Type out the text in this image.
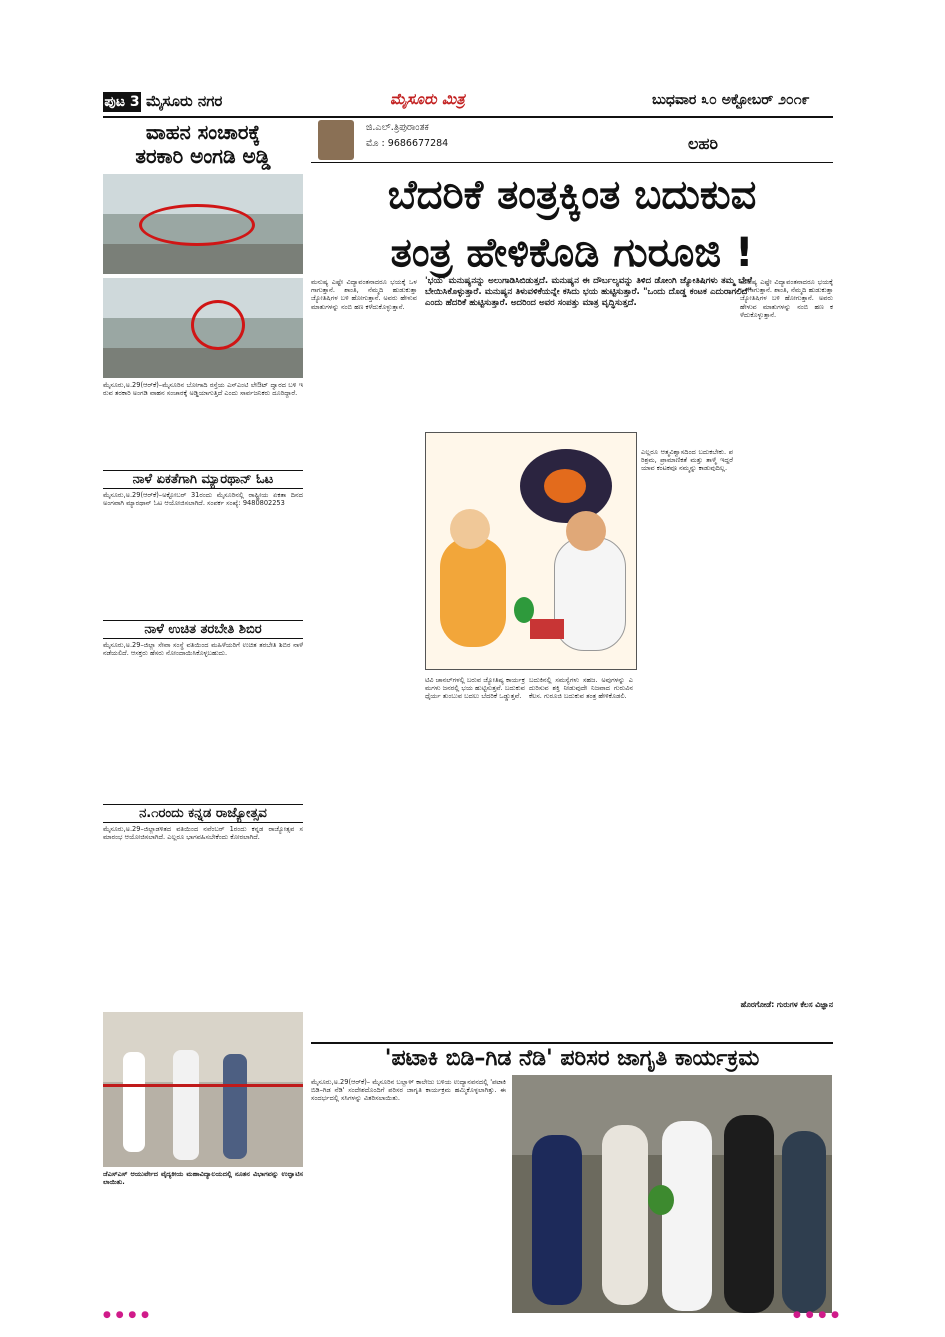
ಪುಟ 3 ಮೈಸೂರು ನಗರ	ಮೈಸೂರು ಮಿತ್ರ	ಬುಧವಾರ ೩೦ ಅಕ್ಟೋಬರ್ ೨೦೧೯
ವಾಹನ ಸಂಚಾರಕ್ಕೆ
ತರಕಾರಿ ಅಂಗಡಿ ಅಡ್ಡಿ
ಮೈಸೂರು,ಅ.29(ಆರ್‌ಕೆ)–ಮೈಸೂರಿನ ಬೋಗಾದಿ ರಸ್ತೆಯ ಎಸ್‌ಎಂಟಿ ಲೇಔಟ್ ದ್ವಾರದ ಬಳಿ ಇರುವ ತರಕಾರಿ ಅಂಗಡಿ ವಾಹನ ಸಂಚಾರಕ್ಕೆ ಅಡ್ಡಿಯಾಗುತ್ತಿದೆ ಎಂದು ಸಾರ್ವಜನಿಕರು ದೂರಿದ್ದಾರೆ.
ನಾಳೆ ಏಕತೆಗಾಗಿ ಮ್ಯಾರಥಾನ್ ಓಟ
ಮೈಸೂರು,ಅ.29(ಆರ್‌ಕೆ)–ಅಕ್ಟೋಬರ್ 31ರಂದು ಮೈಸೂರಿನಲ್ಲಿ ರಾಷ್ಟ್ರೀಯ ಏಕತಾ ದಿನದ ಅಂಗವಾಗಿ ಮ್ಯಾರಥಾನ್ ಓಟ ಆಯೋಜಿಸಲಾಗಿದೆ. ಸಂಪರ್ಕ ಸಂಖ್ಯೆ: 9480802253
ನಾಳೆ ಉಚಿತ ತರಬೇತಿ ಶಿಬಿರ
ಮೈಸೂರು,ಅ.29–ಜಿಲ್ಲಾ ಸೇವಾ ಸಂಸ್ಥೆ ವತಿಯಿಂದ ಮಹಿಳೆಯರಿಗೆ ಉಚಿತ ತರಬೇತಿ ಶಿಬಿರ ನಾಳೆ ನಡೆಯಲಿದೆ. ಆಸಕ್ತರು ಹೆಸರು ನೋಂದಾಯಿಸಿಕೊಳ್ಳಬಹುದು.
ನ.೧ರಂದು ಕನ್ನಡ ರಾಜ್ಯೋತ್ಸವ
ಮೈಸೂರು,ಅ.29–ಜಿಲ್ಲಾಡಳಿತದ ವತಿಯಿಂದ ನವೆಂಬರ್ 1ರಂದು ಕನ್ನಡ ರಾಜ್ಯೋತ್ಸವ ಸಮಾರಂಭ ಆಯೋಜಿಸಲಾಗಿದೆ. ಎಲ್ಲರೂ ಭಾಗವಹಿಸಬೇಕೆಂದು ಕೋರಲಾಗಿದೆ.
ಜೆಎಸ್‌ಎಸ್ ಆಯುರ್ವೇದ ವೈದ್ಯಕೀಯ ಮಹಾವಿದ್ಯಾಲಯದಲ್ಲಿ ನೂತನ ವಿಭಾಗವನ್ನು ಉದ್ಘಾಟಿಸಲಾಯಿತು.
ಜಿ.ಎಲ್.ತ್ರಿಪುರಾಂತಕ
ಮೊ : 9686677284	ಲಹರಿ
ಬೆದರಿಕೆ ತಂತ್ರಕ್ಕಿಂತ ಬದುಕುವ
ತಂತ್ರ ಹೇಳಿಕೊಡಿ ಗುರೂಜಿ !
ಮನುಷ್ಯ ಎಷ್ಟೇ ವಿದ್ಯಾವಂತನಾದರೂ ಭಯಕ್ಕೆ ಒಳಗಾಗುತ್ತಾನೆ. ಶಾಂತಿ, ನೆಮ್ಮದಿ ಹುಡುಕುತ್ತಾ ಜ್ಯೋತಿಷಿಗಳ ಬಳಿ ಹೋಗುತ್ತಾನೆ. ಅವರು ಹೇಳುವ ಮಾತುಗಳನ್ನು ನಂಬಿ ಹಣ ಕಳೆದುಕೊಳ್ಳುತ್ತಾನೆ.
'ಭಯ' ಮನುಷ್ಯನನ್ನು ಅಲುಗಾಡಿಸಿಬಿಡುತ್ತದೆ. ಮನುಷ್ಯನ ಈ ದೌರ್ಬಲ್ಯವನ್ನು ತಿಳಿದ ಡೋಂಗಿ ಜ್ಯೋತಿಷಿಗಳು ತಮ್ಮ ಬೇಳೆ ಬೇಯಿಸಿಕೊಳ್ಳುತ್ತಾರೆ. ಮನುಷ್ಯನ ತಿಳುವಳಿಕೆಯನ್ನೇ ಕಸಿದು ಭಯ ಹುಟ್ಟಿಸುತ್ತಾರೆ. "ಒಂದು ದೊಡ್ಡ ಕಂಟಕ ಎದುರಾಗಲಿದೆ" ಎಂದು ಹೆದರಿಕೆ ಹುಟ್ಟಿಸುತ್ತಾರೆ. ಅದರಿಂದ ಅವರ ಸಂಪತ್ತು ಮಾತ್ರ ವೃದ್ಧಿಸುತ್ತದೆ.
ಟಿವಿ ಚಾನಲ್‌ಗಳಲ್ಲಿ ಬರುವ ಜ್ಯೋತಿಷ್ಯ ಕಾರ್ಯಕ್ರಮಗಳು ಜನರಲ್ಲಿ ಭಯ ಹುಟ್ಟಿಸುತ್ತವೆ. ಬದುಕುವ ಧೈರ್ಯ ತುಂಬುವ ಬದಲು ಬೆದರಿಕೆ ಒಡ್ಡುತ್ತವೆ.
ಬದುಕಿನಲ್ಲಿ ಸಮಸ್ಯೆಗಳು ಸಹಜ. ಅವುಗಳನ್ನು ಎದುರಿಸುವ ಶಕ್ತಿ ನೀಡುವುದೇ ನಿಜವಾದ ಗುರುವಿನ ಕೆಲಸ. ಗುರೂಜಿ ಬದುಕುವ ತಂತ್ರ ಹೇಳಿಕೊಡಲಿ.
ಎಲ್ಲರೂ ಆತ್ಮವಿಶ್ವಾಸದಿಂದ ಬದುಕಬೇಕು. ಪರಿಶ್ರಮ, ಪ್ರಾಮಾಣಿಕತೆ ಮತ್ತು ತಾಳ್ಮೆ ಇದ್ದರೆ ಯಾವ ಕಂಟಕವೂ ನಮ್ಮನ್ನು ಕಾಡುವುದಿಲ್ಲ.
ಮನುಷ್ಯ ಎಷ್ಟೇ ವಿದ್ಯಾವಂತನಾದರೂ ಭಯಕ್ಕೆ ಒಳಗಾಗುತ್ತಾನೆ. ಶಾಂತಿ, ನೆಮ್ಮದಿ ಹುಡುಕುತ್ತಾ ಜ್ಯೋತಿಷಿಗಳ ಬಳಿ ಹೋಗುತ್ತಾನೆ. ಅವರು ಹೇಳುವ ಮಾತುಗಳನ್ನು ನಂಬಿ ಹಣ ಕಳೆದುಕೊಳ್ಳುತ್ತಾನೆ.
ಹೊರಗೋಡೆ: ಗುರುಗಳ ಕೆಲಸ ವಿಜ್ಞಾನ
'ಪಟಾಕಿ ಬಿಡಿ–ಗಿಡ ನೆಡಿ' ಪರಿಸರ ಜಾಗೃತಿ ಕಾರ್ಯಕ್ರಮ
ಮೈಸೂರು,ಅ.29(ಆರ್‌ಕೆ)– ಮೈಸೂರಿನ ಬಲ್ಲಾಳ್ ಕಾಲೇಜು ಬಳಿಯ ಉದ್ಯಾನವನದಲ್ಲಿ 'ಪಟಾಕಿ ಬಿಡಿ–ಗಿಡ ನೆಡಿ' ಸಂದೇಶದೊಂದಿಗೆ ಪರಿಸರ ಜಾಗೃತಿ ಕಾರ್ಯಕ್ರಮ ಹಮ್ಮಿಕೊಳ್ಳಲಾಗಿತ್ತು. ಈ ಸಂದರ್ಭದಲ್ಲಿ ಸಸಿಗಳನ್ನು ವಿತರಿಸಲಾಯಿತು.
● ● ● ●	● ● ● ●
